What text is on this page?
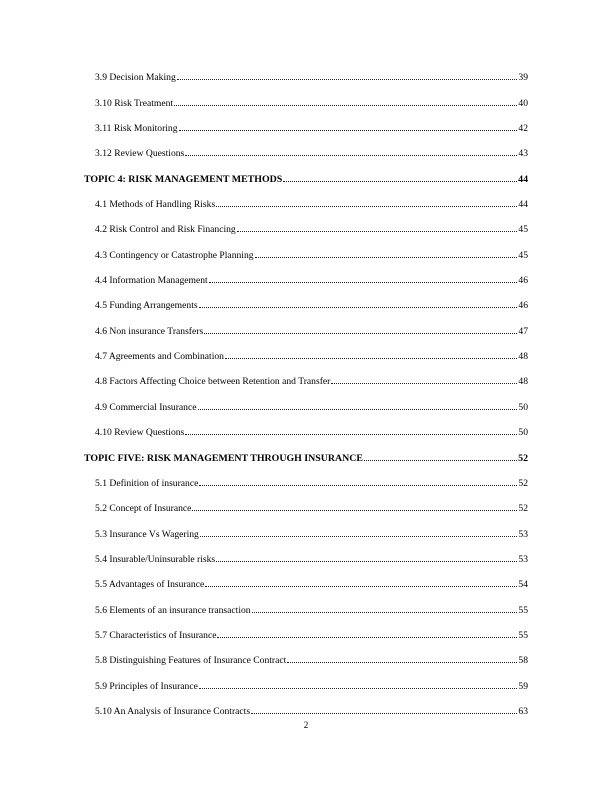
3.9 Decision Making	39
3.10 Risk Treatment	40
3.11 Risk Monitoring	42
3.12 Review Questions	43
TOPIC 4: RISK MANAGEMENT METHODS	44
4.1 Methods of Handling Risks	44
4.2 Risk Control and Risk Financing	45
4.3 Contingency or Catastrophe Planning	45
4.4 Information Management	46
4.5 Funding Arrangements	46
4.6 Non insurance Transfers	47
4.7 Agreements and Combination	48
4.8 Factors Affecting Choice between Retention and Transfer	48
4.9 Commercial Insurance	50
4.10 Review Questions	50
TOPIC FIVE: RISK MANAGEMENT THROUGH INSURANCE	52
5.1 Definition of insurance	52
5.2 Concept of Insurance	52
5.3 Insurance Vs Wagering	53
5.4 Insurable/Uninsurable risks	53
5.5 Advantages of Insurance	54
5.6 Elements of an insurance transaction	55
5.7 Characteristics of Insurance	55
5.8 Distinguishing Features of Insurance Contract	58
5.9 Principles of Insurance	59
5.10 An Analysis of Insurance Contracts	63
2
